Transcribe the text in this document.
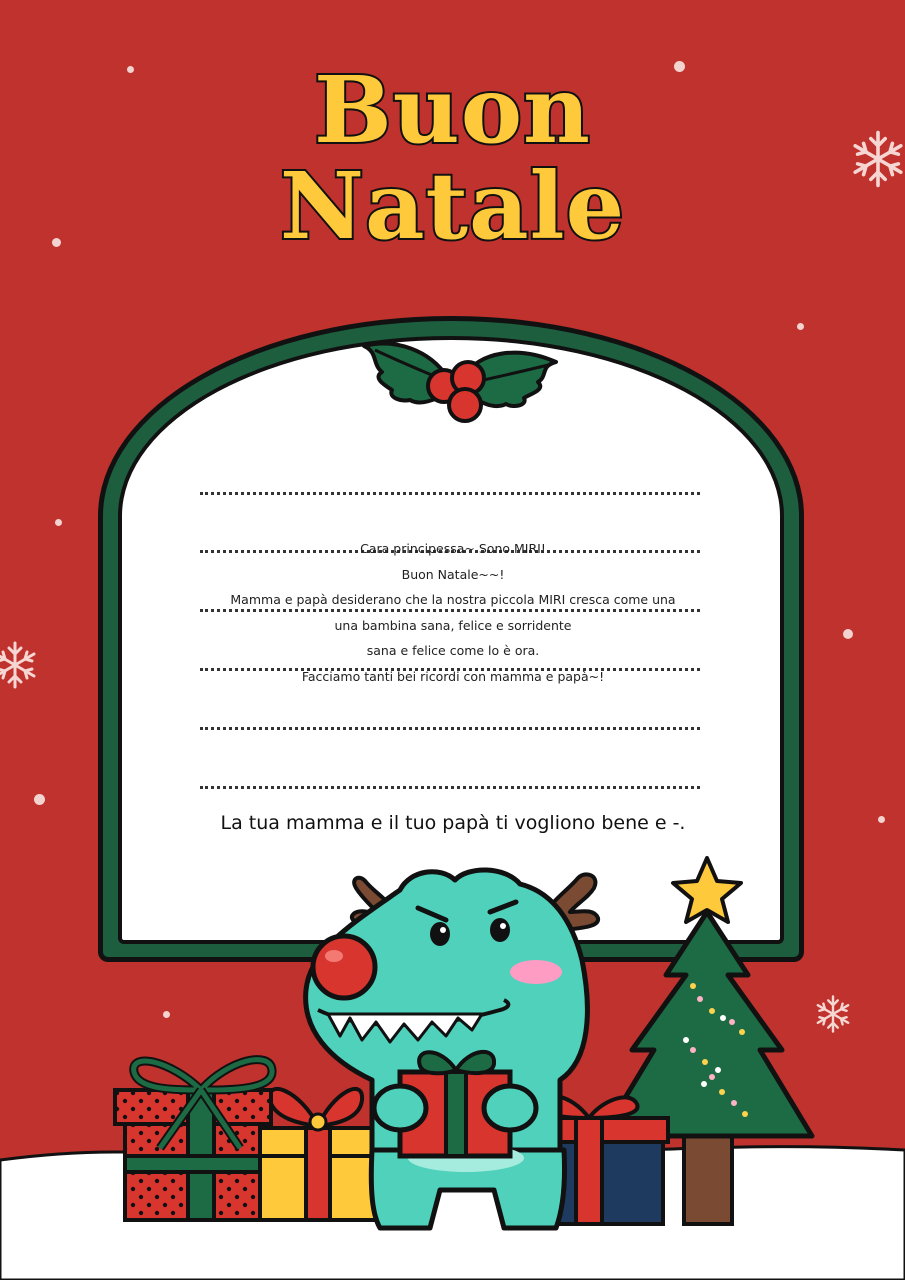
Buon
Natale
Cara principessa~ Sono MIRI!
Buon Natale~~!
Mamma e papà desiderano che la nostra piccola MIRI cresca come una
una bambina sana, felice e sorridente
sana e felice come lo è ora.
Facciamo tanti bei ricordi con mamma e papà~!
La tua mamma e il tuo papà ti vogliono bene e -.
